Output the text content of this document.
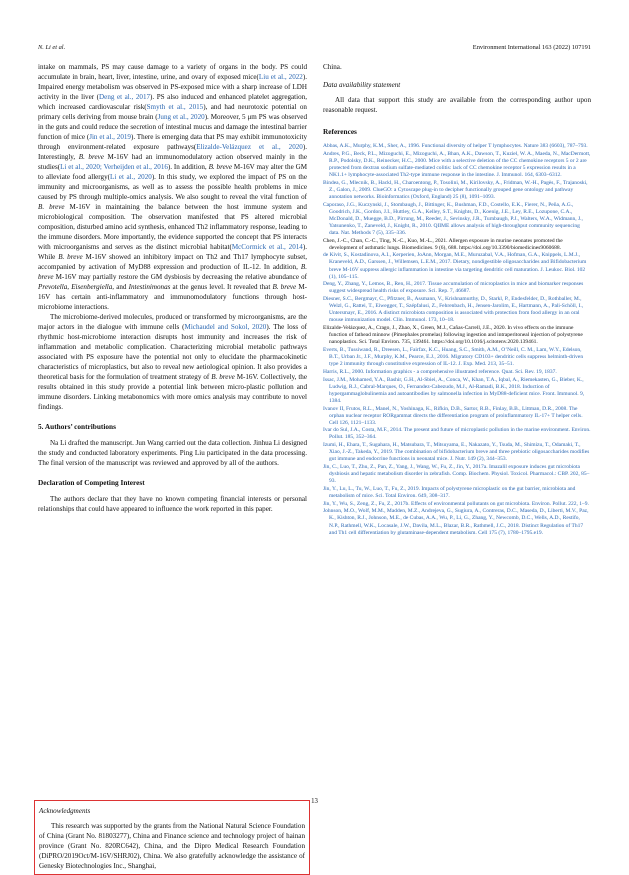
N. Li et al.	Environment International 163 (2022) 107191

intake on mammals, PS may cause damage to a variety of organs in the body. PS could accumulate in brain, heart, liver, intestine, urine, and ovary of exposed mice(Liu et al., 2022). Impaired energy metabolism was observed in PS-exposed mice with a sharp increase of LDH activity in the liver (Deng et al., 2017). PS also induced and enhanced platelet aggregation, which increased cardiovascular risk(Smyth et al., 2015), and had neurotoxic potential on primary cells deriving from mouse brain (Jung et al., 2020). Moreover, 5 μm PS was observed in the guts and could reduce the secretion of intestinal mucus and damage the intestinal barrier function of mice (Jin et al., 2019). There is emerging data that PS may exhibit immunotoxicity through environment-related exposure pathways(Elizalde-Velázquez et al., 2020). Interestingly, B. breve M-16V had an immunomodulatory action observed mainly in the studies(Li et al., 2020; Verheijden et al., 2016). In addition, B. breve M-16V may alter the GM to alleviate food allergy(Li et al., 2020). In this study, we explored the impact of PS on the immunity and microorganisms, as well as to assess the possible health problems in mice caused by PS through multiple-omics analysis. We also sought to reveal the vital function of B. breve M-16V in maintaining the balance between the host immune system and microbiological composition. The observation manifested that PS altered microbial composition, disturbed amino acid synthesis, enhanced Th2 inflammatory response, leading to the immune disorders. More importantly, the evidence supported the concept that PS interacts with microorganisms and serves as the distinct microbial habitat(McCormick et al., 2014). While B. breve M-16V showed an inhibitory impact on Th2 and Th17 lymphocyte subset, accompanied by activation of MyD88 expression and production of IL-12. In addition, B. breve M-16V may partially restore the GM dysbiosis by decreasing the relative abundance of Prevotella, Eisenbergiella, and Intestinimonas at the genus level. It revealed that B. breve M-16V has certain anti-inflammatory and immunomodulatory functions through host-microbiome interactions.

The microbiome-derived molecules, produced or transformed by microorganisms, are the major actors in the dialogue with immune cells (Michaudel and Sokol, 2020). The loss of rhythmic host-microbiome interaction disrupts host immunity and increases the risk of inflammation and metabolic complication. Characterizing microbial metabolic pathways associated with PS exposure have the potential not only to elucidate the pharmacokinetic characteristics of microplastics, but also to reveal new aetiological opinion. It also provides a theoretical basis for the formulation of treatment strategy of B. breve M-16V. Collectively, the results obtained in this study provide a potential link between micro-plastic pollution and immune disorders. Linking metabonomics with more omics analysis may contribute to novel findings.

5. Authors’ contributions

Na Li drafted the manuscript. Jun Wang carried out the data collection. Jinhua Li designed the study and conducted laboratory experiments. Ping Liu participated in the data processing. The final version of the manuscript was reviewed and approved by all of the authors.

Declaration of Competing Interest

The authors declare that they have no known competing financial interests or personal relationships that could have appeared to influence the work reported in this paper.

Acknowledgments

This research was supported by the grants from the National Natural Science Foundation of China (Grant No. 81803277), China and Finance science and technology project of hainan province (Grant No. 820RC642), China, and the Dipro Medical Research Foundation (DiPRO/2019Oct/M-16V/SHRJ02), China. We also gratefully acknowledge the assistance of Genesky Biotechnologies Inc., Shanghai,

China.

Data availability statement

All data that support this study are available from the corresponding author upon reasonable request.

References
Abbas, A.K., Murphy, K.M., Sher, A., 1996. Functional diversity of helper T lymphocytes. Nature 383 (6603), 787–793.
Andres, P.G., Beck, P.L., Mizoguchi, E., Mizoguchi, A., Bhan, A.K., Dawson, T., Kuziel, W. A., Maeda, N., MacDermott, R.P., Podolsky, D.K., Reinecker, H.C., 2000. Mice with a selective deletion of the CC chemokine receptors 5 or 2 are protected from dextran sodium sulfate-mediated colitis: lack of CC chemokine receptor 5 expression results in a NK1.1+ lymphocyte-associated Th2-type immune response in the intestine. J. Immunol. 164, 6303–6312.
Bindea, G., Mlecnik, B., Hackl, H., Charoentong, P., Tosolini, M., Kirilovsky, A., Fridman, W.-H., Pagès, F., Trajanoski, Z., Galon, J., 2009. ClueGO: a Cytoscape plug-in to decipher functionally grouped gene ontology and pathway annotation networks. Bioinformatics (Oxford, England) 25 (8), 1091–1093.
Caporaso, J.G., Kuczynski, J., Stombaugh, J., Bittinger, K., Bushman, F.D., Costello, E.K., Fierer, N., Peña, A.G., Goodrich, J.K., Gordon, J.I., Huttley, G.A., Kelley, S.T., Knights, D., Koenig, J.E., Ley, R.E., Lozupone, C.A., McDonald, D., Muegge, B.D., Pirrung, M., Reeder, J., Sevinsky, J.R., Turnbaugh, P.J., Walters, W.A., Widmann, J., Yatsunenko, T., Zaneveld, J., Knight, R., 2010. QIIME allows analysis of high-throughput community sequencing data. Nat. Methods 7 (5), 335–336.
Chen, J.-C., Chan, C.-C., Ting, N.-C., Kuo, M.-L., 2021. Allergen exposure in murine neonates promoted the development of asthmatic lungs. Biomedicines. 9 (6), 688. https://doi.org/10.3390/biomedicines9060688.
de Kivit, S., Kostadinova, A.I., Kerperien, JoAnn, Morgan, M.E., Muruzabal, V.A., Hofman, G.A., Knippels, L.M.J., Kraneveld, A.D., Garssen, J., Willemsen, L.E.M., 2017. Dietary, nondigestible oligosaccharides and Bifidobacterium breve M-16V suppress allergic inflammation in intestine via targeting dendritic cell maturation. J. Leukoc. Biol. 102 (1), 105–115.
Deng, Y., Zhang, Y., Lemos, B., Ren, H., 2017. Tissue accumulation of microplastics in mice and biomarker responses suggest widespread health risks of exposure. Sci. Rep. 7, 46687.
Diesner, S.C., Bergmayr, C., Pfitzner, B., Assmann, V., Krishnamurthy, D., Starkl, P., Endesfelder, D., Rothballer, M., Welzl, G., Rattei, T., Eiwegger, T., Szépfalusi, Z., Fehrenbach, H., Jensen-Jarolim, E., Hartmann, A., Pali-Schöll, I., Untersmayr, E., 2016. A distinct microbiota composition is associated with protection from food allergy in an oral mouse immunization model. Clin. Immunol. 173, 10–18.
Elizalde-Velázquez, A., Crago, J., Zhao, X., Green, M.J., Cañas-Carrell, J.E., 2020. In vivo effects on the immune function of fathead minnow (Pimephales promelas) following ingestion and intraperitoneal injection of polystyrene nanoplastics. Sci. Total Environ. 735, 139461. https://doi.org/10.1016/j.scitotenv.2020.139461.
Everts, B., Tussiwand, R., Dreesen, L., Fairfax, K.C., Huang, S.C., Smith, A.M., O’Neill, C. M., Lam, W.Y., Edelson, B.T., Urban Jr., J.F., Murphy, K.M., Pearce, E.J., 2016. Migratory CD103+ dendritic cells suppress helminth-driven type 2 immunity through constitutive expression of IL-12. J. Exp. Med. 213, 35–51.
Harris, R.L., 2000. Information graphics - a comprehensive illustrated reference. Quat. Sci. Rev. 19, 1837.
Issac, J.M., Mohamed, Y.A., Bashir, G.H., Al-Sbiei, A., Conca, W., Khan, T.A., Iqbal, A., Riemekasten, G., Bieber, K., Ludwig, R.J., Cabral-Marques, O., Fernandez-Cabezudo, M.J., Al-Ramadi, B.K., 2018. Induction of hypergammaglobulinemia and autoantibodies by salmonella infection in MyD88-deficient mice. Front. Immunol. 9, 1384.
Ivanov II, Frutos, R.L., Manel, N., Yoshinaga, K., Rifkin, D.B., Sartor, R.B., Finlay, B.B., Littman, D.R., 2008. The orphan nuclear receptor RORgammat directs the differentiation program of proinflammatory IL-17+ T helper cells. Cell 126, 1121–1133.
Ivar do Sul, J.A., Costa, M.F., 2014. The present and future of microplastic pollution in the marine environment. Environ. Pollut. 185, 352–364.
Izumi, H., Ehara, T., Sugahara, H., Matsubara, T., Mitsuyama, E., Nakazato, Y., Tsuda, M., Shimizu, T., Odamaki, T., Xiao, J.-Z., Takeda, Y., 2019. The combination of bifidobacterium breve and three prebiotic oligosaccharides modifies gut immune and endocrine functions in neonatal mice. J. Nutr. 149 (2), 344–353.
Jin, C., Luo, T., Zhu, Z., Pan, Z., Yang, J., Wang, W., Fu, Z., Jin, Y., 2017a. Imazalil exposure induces gut microbiota dysbiosis and hepatic metabolism disorder in zebrafish. Comp. Biochem. Physiol. Toxicol. Pharmacol.: CBP. 202, 85–93.
Jin, Y., Lu, L., Tu, W., Luo, T., Fu, Z., 2019. Impacts of polystyrene microplastic on the gut barrier, microbiota and metabolism of mice. Sci. Total Environ. 649, 308–317.
Jin, Y., Wu, S., Zeng, Z., Fu, Z., 2017b. Effects of environmental pollutants on gut microbiota. Environ. Pollut. 222, 1–9.
Johnson, M.O., Wolf, M.M., Madden, M.Z., Andrejeva, G., Sugiura, A., Contreras, D.C., Maseda, D., Liberti, M.V., Paz, K., Kishton, R.J., Johnson, M.E., de Cubas, A.A., Wu, P., Li, G., Zhang, Y., Newcomb, D.C., Wells, A.D., Restifo, N.P., Rathmell, W.K., Locasale, J.W., Davila, M.L., Blazar, B.R., Rathmell, J.C., 2018. Distinct Regulation of Th17 and Th1 cell differentiation by glutaminase-dependent metabolism. Cell 175 (7), 1780–1795.e19.
13
